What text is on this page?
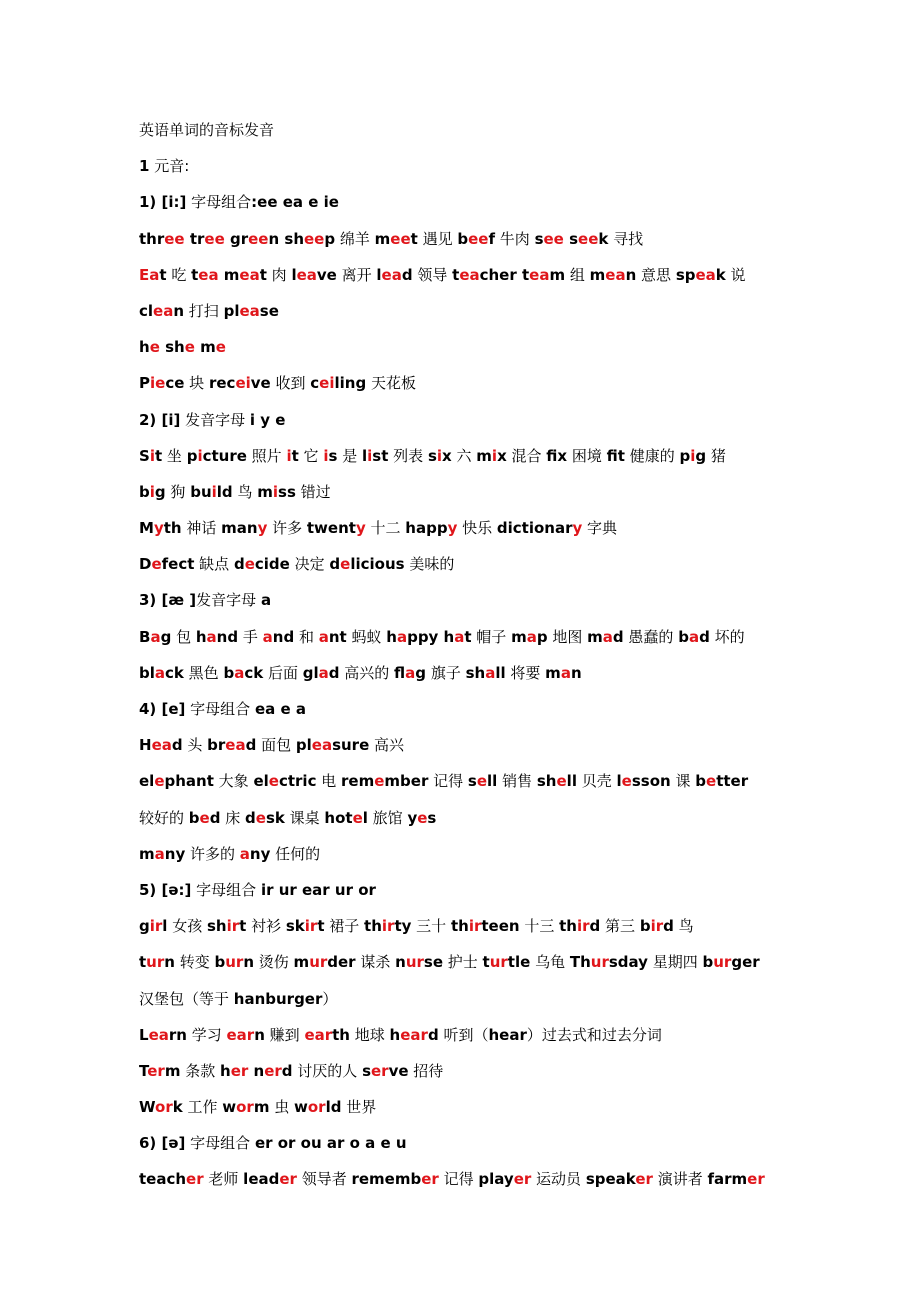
英语单词的音标发音
1 元音:
1) [i:] 字母组合:ee ea e ie
three tree green sheep 绵羊 meet 遇见 beef 牛肉 see seek 寻找
Eat 吃 tea meat 肉 leave 离开 lead 领导 teacher team 组 mean 意思 speak 说
clean 打扫 please
he she me
Piece 块 receive 收到 ceiling 天花板
2) [i] 发音字母 i y e
Sit 坐 picture 照片 it 它 is 是 list 列表 six 六 mix 混合 fx 困境 ft 健康的 pig 猪
big 狗 build 鸟 miss 错过
Myth 神话 many 许多 twenty 十二 happy 快乐 dictionary 字典
Defect 缺点 decide 决定 delicious 美味的
3) [æ ]发音字母 a
Bag 包 hand 手 and 和 ant 蚂蚁 happy hat 帽子 map 地图 mad 愚蠢的 bad 坏的
black 黑色 back 后面 glad 高兴的 flag 旗子 shall 将要 man
4) [e] 字母组合 ea e a
Head 头 bread 面包 pleasure 高兴
elephant 大象 electric 电 remember 记得 sell 销售 shell 贝壳 lesson 课 better
较好的 bed 床 desk 课桌 hotel 旅馆 yes
many 许多的 any 任何的
5) [ə:] 字母组合 ir ur ear ur or
girl 女孩 shirt 衬衫 skirt 裙子 thirty 三十 thirteen 十三 third 第三 bird 鸟
turn 转变 burn 烫伤 murder 谋杀 nurse 护士 turtle 乌龟 Thursday 星期四 burger
汉堡包（等于 hanburger）
Learn 学习 earn 赚到 earth 地球 heard 听到（hear）过去式和过去分词
Term 条款 her nerd 讨厌的人 serve 招待
Work 工作 worm 虫 world 世界
6) [ə] 字母组合 er or ou ar o a e u
teacher 老师 leader 领导者 remember 记得 player 运动员 speaker 演讲者 farmer
